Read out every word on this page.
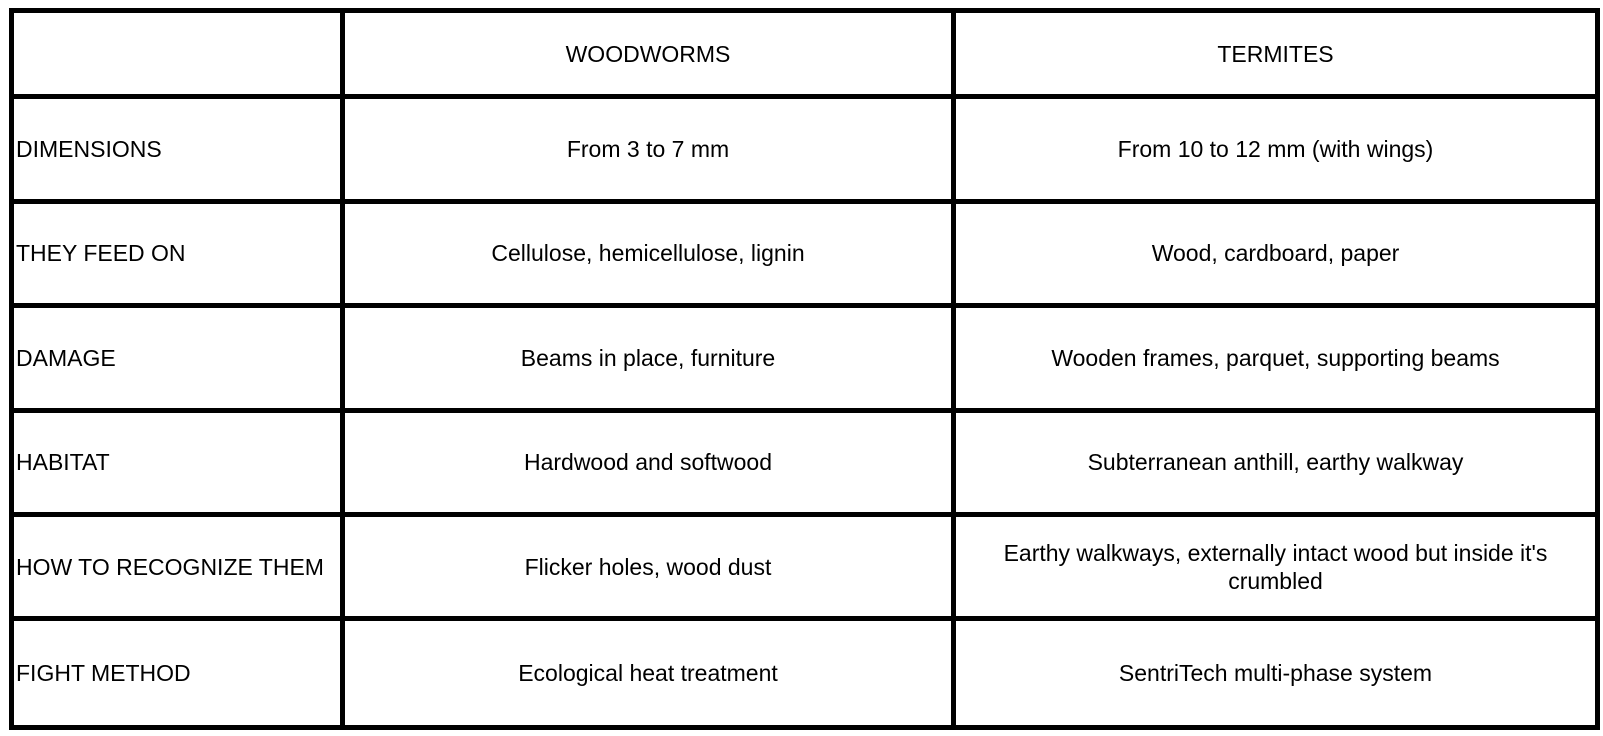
	WOODWORMS	TERMITES
DIMENSIONS	From 3 to 7 mm	From 10 to 12 mm (with wings)
THEY FEED ON	Cellulose, hemicellulose, lignin	Wood, cardboard, paper
DAMAGE	Beams in place, furniture	Wooden frames, parquet, supporting beams
HABITAT	Hardwood and softwood	Subterranean anthill, earthy walkway
HOW TO RECOGNIZE THEM	Flicker holes, wood dust	Earthy walkways, externally intact wood but inside it's crumbled
FIGHT METHOD	Ecological heat treatment	SentriTech multi-phase system
